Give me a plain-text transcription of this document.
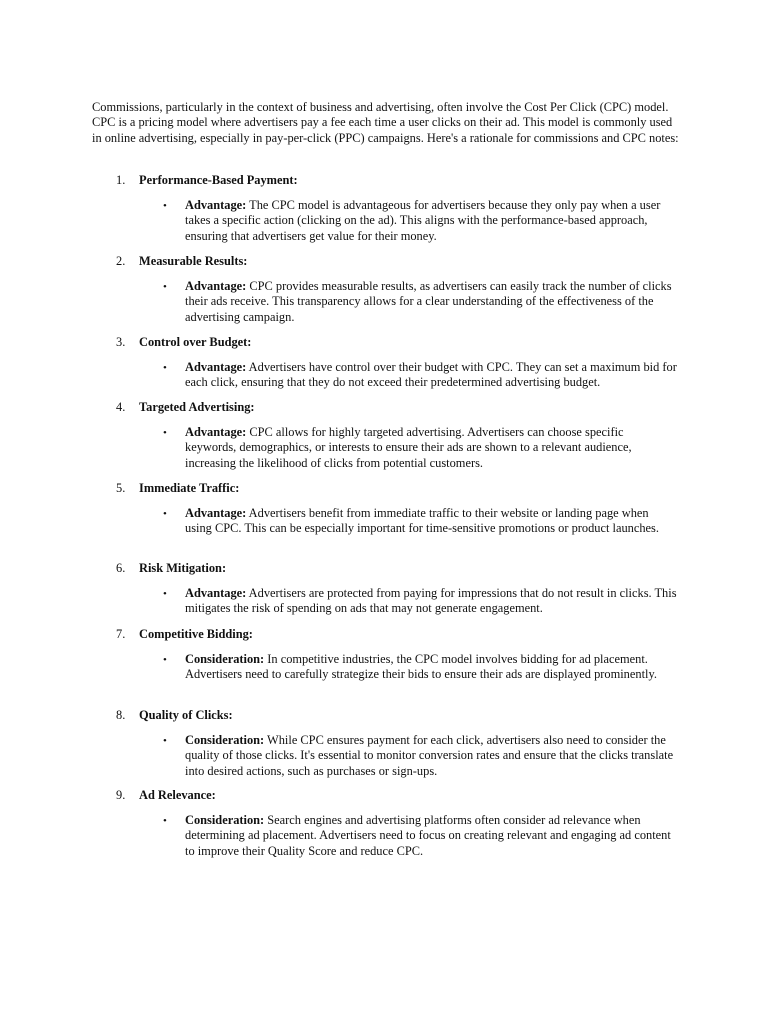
Commissions, particularly in the context of business and advertising, often involve the Cost Per Click (CPC) model. CPC is a pricing model where advertisers pay a fee each time a user clicks on their ad. This model is commonly used in online advertising, especially in pay-per-click (PPC) campaigns. Here's a rationale for commissions and CPC notes:

1. Performance-Based Payment:
• Advantage: The CPC model is advantageous for advertisers because they only pay when a user takes a specific action (clicking on the ad). This aligns with the performance-based approach, ensuring that advertisers get value for their money.

2. Measurable Results:
• Advantage: CPC provides measurable results, as advertisers can easily track the number of clicks their ads receive. This transparency allows for a clear understanding of the effectiveness of the advertising campaign.

3. Control over Budget:
• Advantage: Advertisers have control over their budget with CPC. They can set a maximum bid for each click, ensuring that they do not exceed their predetermined advertising budget.

4. Targeted Advertising:
• Advantage: CPC allows for highly targeted advertising. Advertisers can choose specific keywords, demographics, or interests to ensure their ads are shown to a relevant audience, increasing the likelihood of clicks from potential customers.

5. Immediate Traffic:
• Advantage: Advertisers benefit from immediate traffic to their website or landing page when using CPC. This can be especially important for time-sensitive promotions or product launches.

6. Risk Mitigation:
• Advantage: Advertisers are protected from paying for impressions that do not result in clicks. This mitigates the risk of spending on ads that may not generate engagement.

7. Competitive Bidding:
• Consideration: In competitive industries, the CPC model involves bidding for ad placement. Advertisers need to carefully strategize their bids to ensure their ads are displayed prominently.

8. Quality of Clicks:
• Consideration: While CPC ensures payment for each click, advertisers also need to consider the quality of those clicks. It's essential to monitor conversion rates and ensure that the clicks translate into desired actions, such as purchases or sign-ups.

9. Ad Relevance:
• Consideration: Search engines and advertising platforms often consider ad relevance when determining ad placement. Advertisers need to focus on creating relevant and engaging ad content to improve their Quality Score and reduce CPC.
